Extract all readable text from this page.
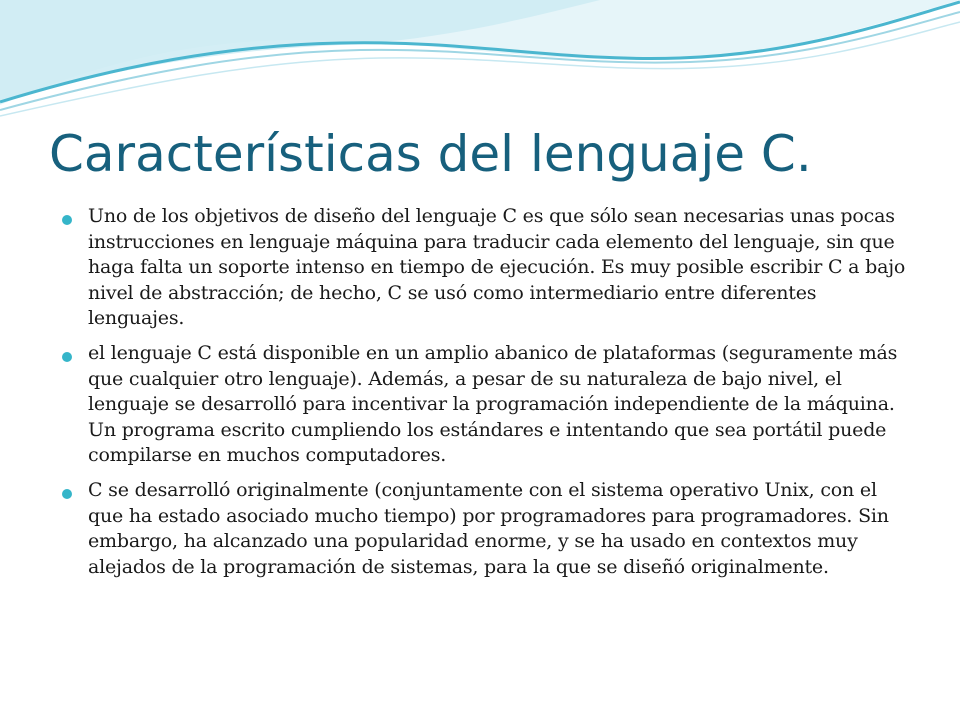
Características del lenguaje C.
Uno de los objetivos de diseño del lenguaje C es que sólo sean necesarias unas pocas instrucciones en lenguaje máquina para traducir cada elemento del lenguaje, sin que haga falta un soporte intenso en tiempo de ejecución. Es muy posible escribir C a bajo nivel de abstracción; de hecho, C se usó como intermediario entre diferentes lenguajes.
el lenguaje C está disponible en un amplio abanico de plataformas (seguramente más que cualquier otro lenguaje). Además, a pesar de su naturaleza de bajo nivel, el lenguaje se desarrolló para incentivar la programación independiente de la máquina. Un programa escrito cumpliendo los estándares e intentando que sea portátil puede compilarse en muchos computadores.
C se desarrolló originalmente (conjuntamente con el sistema operativo Unix, con el que ha estado asociado mucho tiempo) por programadores para programadores. Sin embargo, ha alcanzado una popularidad enorme, y se ha usado en contextos muy alejados de la programación de sistemas, para la que se diseñó originalmente.
